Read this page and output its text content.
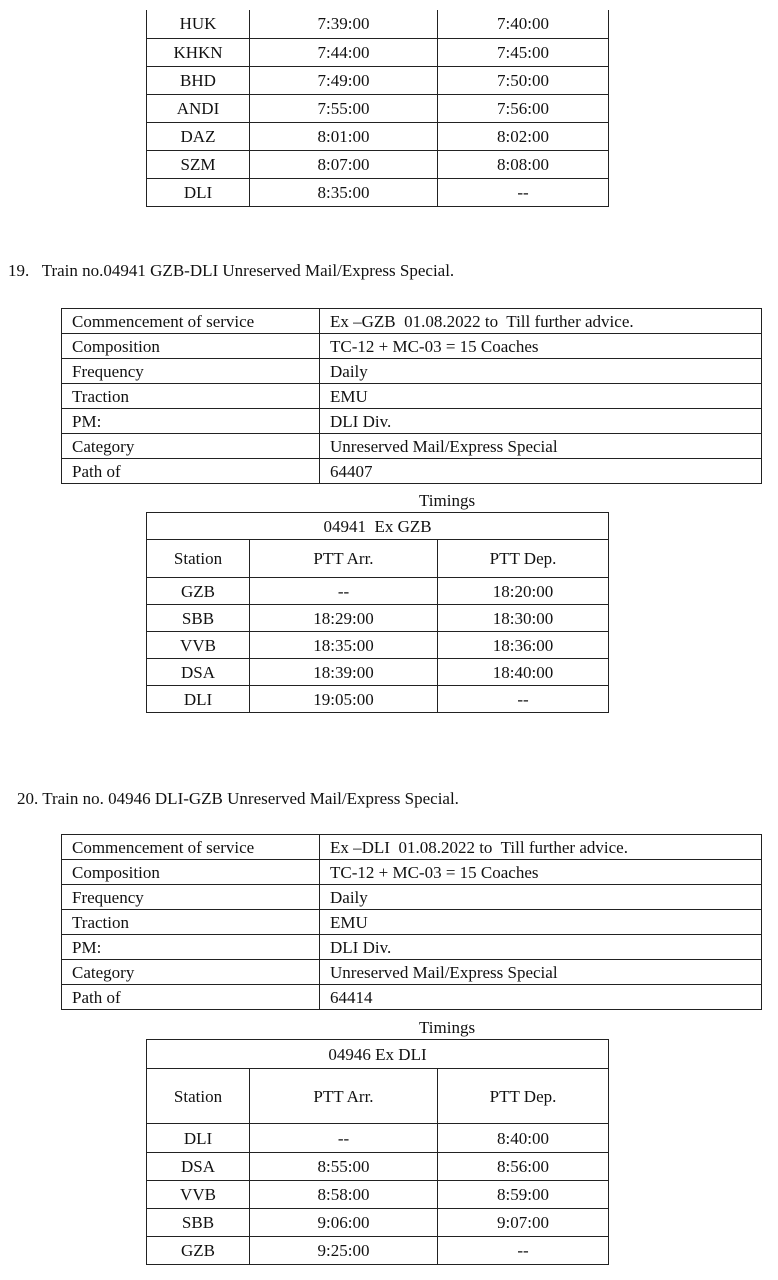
HUK	7:39:00	7:40:00
KHKN	7:44:00	7:45:00
BHD	7:49:00	7:50:00
ANDI	7:55:00	7:56:00
DAZ	8:01:00	8:02:00
SZM	8:07:00	8:08:00
DLI	8:35:00	--
19.   Train no.04941 GZB-DLI Unreserved Mail/Express Special.
Commencement of service	Ex –GZB  01.08.2022 to  Till further advice.
Composition	TC-12 + MC-03 = 15 Coaches
Frequency	Daily
Traction	EMU
PM:	DLI Div.
Category	Unreserved Mail/Express Special
Path of	64407
Timings
04941  Ex GZB		
Station	PTT Arr.	PTT Dep.
GZB	--	18:20:00
SBB	18:29:00	18:30:00
VVB	18:35:00	18:36:00
DSA	18:39:00	18:40:00
DLI	19:05:00	--
20. Train no. 04946 DLI-GZB Unreserved Mail/Express Special.
Commencement of service	Ex –DLI  01.08.2022 to  Till further advice.
Composition	TC-12 + MC-03 = 15 Coaches
Frequency	Daily
Traction	EMU
PM:	DLI Div.
Category	Unreserved Mail/Express Special
Path of	64414
Timings
04946 Ex DLI		
Station	PTT Arr.	PTT Dep.
DLI	--	8:40:00
DSA	8:55:00	8:56:00
VVB	8:58:00	8:59:00
SBB	9:06:00	9:07:00
GZB	9:25:00	--
